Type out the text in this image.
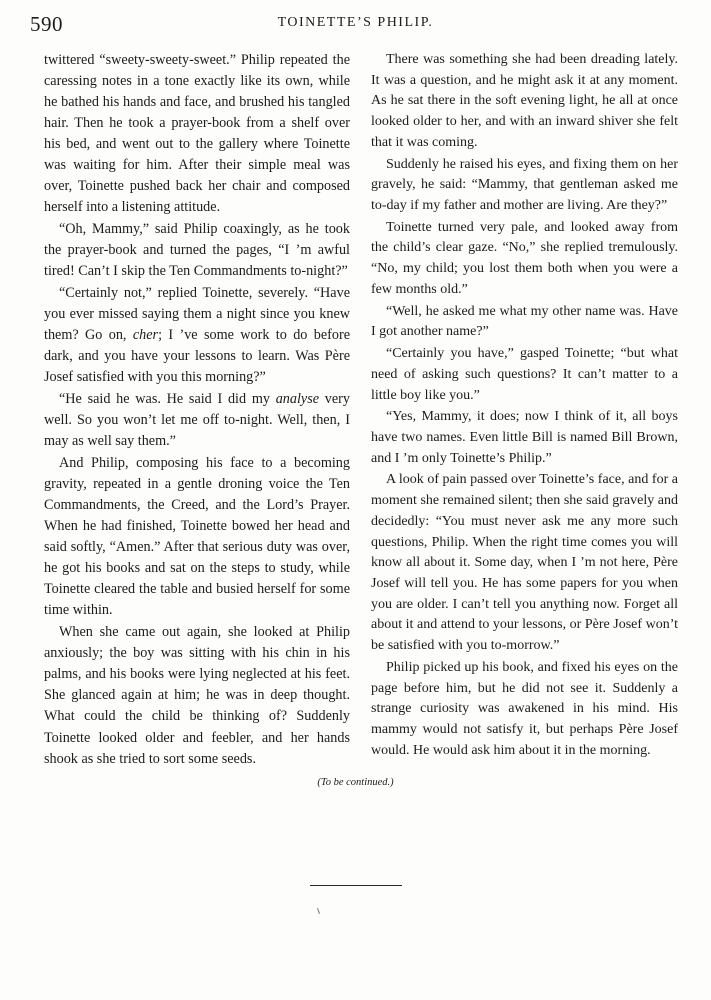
590	TOINETTE’S PHILIP.

twittered “sweety-sweety-sweet.” Philip repeated the caressing notes in a tone exactly like its own, while he bathed his hands and face, and brushed his tangled hair. Then he took a prayer-book from a shelf over his bed, and went out to the gallery where Toinette was waiting for him. After their simple meal was over, Toinette pushed back her chair and composed herself into a listening attitude.

“Oh, Mammy,” said Philip coaxingly, as he took the prayer-book and turned the pages, “I ’m awful tired! Can’t I skip the Ten Commandments to-night?”

“Certainly not,” replied Toinette, severely. “Have you ever missed saying them a night since you knew them? Go on, cher; I ’ve some work to do before dark, and you have your lessons to learn. Was Père Josef satisfied with you this morning?”

“He said he was. He said I did my analyse very well. So you won’t let me off to-night. Well, then, I may as well say them.”

And Philip, composing his face to a becoming gravity, repeated in a gentle droning voice the Ten Commandments, the Creed, and the Lord’s Prayer. When he had finished, Toinette bowed her head and said softly, “Amen.” After that serious duty was over, he got his books and sat on the steps to study, while Toinette cleared the table and busied herself for some time within.

When she came out again, she looked at Philip anxiously; the boy was sitting with his chin in his palms, and his books were lying neglected at his feet. She glanced again at him; he was in deep thought. What could the child be thinking of? Suddenly Toinette looked older and feebler, and her hands shook as she tried to sort some seeds.

There was something she had been dreading lately. It was a question, and he might ask it at any moment. As he sat there in the soft evening light, he all at once looked older to her, and with an inward shiver she felt that it was coming.

Suddenly he raised his eyes, and fixing them on her gravely, he said: “Mammy, that gentleman asked me to-day if my father and mother are living. Are they?”

Toinette turned very pale, and looked away from the child’s clear gaze. “No,” she replied tremulously. “No, my child; you lost them both when you were a few months old.”

“Well, he asked me what my other name was. Have I got another name?”

“Certainly you have,” gasped Toinette; “but what need of asking such questions? It can’t matter to a little boy like you.”

“Yes, Mammy, it does; now I think of it, all boys have two names. Even little Bill is named Bill Brown, and I ’m only Toinette’s Philip.”

A look of pain passed over Toinette’s face, and for a moment she remained silent; then she said gravely and decidedly: “You must never ask me any more such questions, Philip. When the right time comes you will know all about it. Some day, when I ’m not here, Père Josef will tell you. He has some papers for you when you are older. I can’t tell you anything now. Forget all about it and attend to your lessons, or Père Josef won’t be satisfied with you to-morrow.”

Philip picked up his book, and fixed his eyes on the page before him, but he did not see it. Suddenly a strange curiosity was awakened in his mind. His mammy would not satisfy it, but perhaps Père Josef would. He would ask him about it in the morning.

(To be continued.)
